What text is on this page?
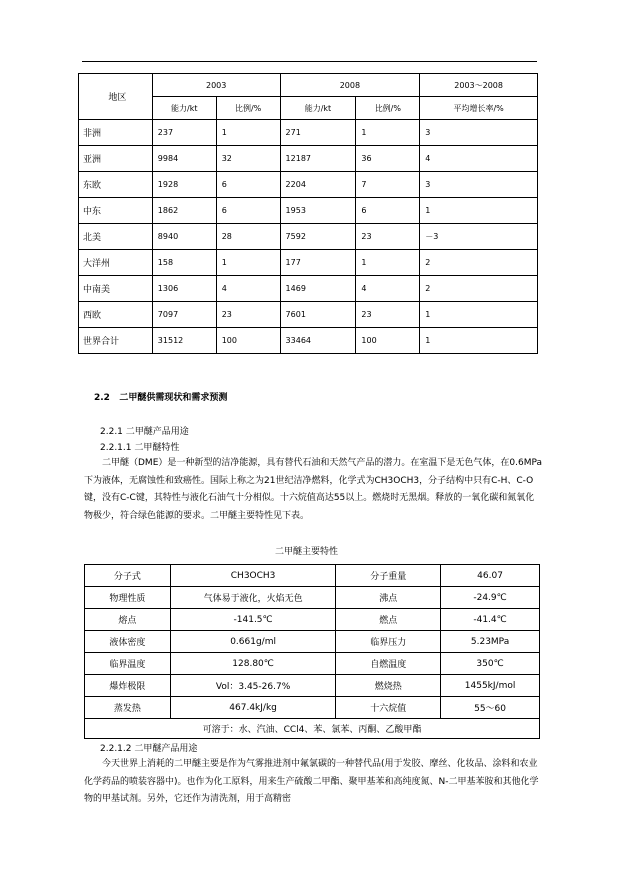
地区	2003		2008		2003～2008
	能力/kt	比例/%	能力/kt	比例/%	平均增长率/%
非洲	237	1	271	1	3
亚洲	9984	32	12187	36	4
东欧	1928	6	2204	7	3
中东	1862	6	1953	6	1
北美	8940	28	7592	23	－3
大洋州	158	1	177	1	2
中南美	1306	4	1469	4	2
西欧	7097	23	7601	23	1
世界合计	31512	100	33464	100	1
2.2 二甲醚供需现状和需求预测
2.2.1 二甲醚产品用途
2.2.1.1 二甲醚特性
二甲醚（DME）是一种新型的洁净能源，具有替代石油和天然气产品的潜力。在室温下是无色气体，在0.6MPa下为液体，无腐蚀性和致癌性。国际上称之为21世纪洁净燃料，化学式为CH3OCH3，分子结构中只有C-H、C-O键，没有C-C键，其特性与液化石油气十分相似。十六烷值高达55以上。燃烧时无黑烟。释放的一氧化碳和氮氧化物极少，符合绿色能源的要求。二甲醚主要特性见下表。
二甲醚主要特性
分子式	CH3OCH3	分子重量	46.07
物理性质	气体易于液化，火焰无色	沸点	-24.9℃
熔点	-141.5℃	燃点	-41.4℃
液体密度	0.661g/ml	临界压力	5.23MPa
临界温度	128.80℃	自燃温度	350℃
爆炸极限	Vol：3.45-26.7%	燃烧热	1455kJ/mol
蒸发热	467.4kJ/kg	十六烷值	55～60
可溶于：水、汽油、CCl4、苯、氯苯、丙酮、乙酸甲酯			
2.2.1.2 二甲醚产品用途
今天世界上消耗的二甲醚主要是作为气雾推进剂中氟氯碳的一种替代品(用于发胶、摩丝、化妆品、涂料和农业化学药品的喷装容器中)。也作为化工原料，用来生产硫酸二甲酯、聚甲基苯和高纯度氮、N-二甲基苯胺和其他化学物的甲基试剂。另外，它还作为清洗剂，用于高精密
